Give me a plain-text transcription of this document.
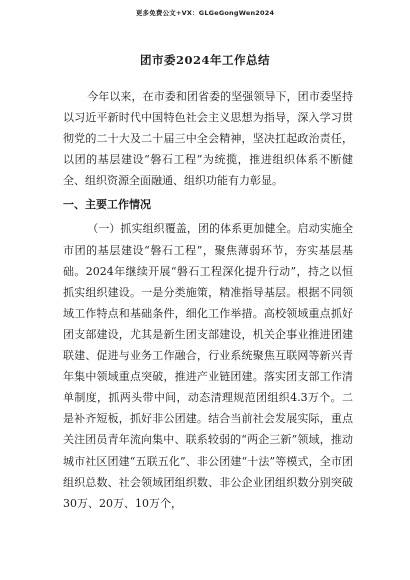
更多免费公文+VX：GLGeGongWen2024
团市委2024年工作总结

今年以来，在市委和团省委的坚强领导下，团市委坚持以习近平新时代中国特色社会主义思想为指导，深入学习贯彻党的二十大及二十届三中全会精神，坚决扛起政治责任，以团的基层建设“磐石工程”为统揽，推进组织体系不断健全、组织资源全面融通、组织功能有力彰显。

一、主要工作情况

（一）抓实组织覆盖，团的体系更加健全。启动实施全市团的基层建设“磐石工程”，聚焦薄弱环节，夯实基层基础。2024年继续开展“磐石工程深化提升行动”，持之以恒抓实组织建设。一是分类施策，精准指导基层。根据不同领域工作特点和基础条件，细化工作举措。高校领域重点抓好团支部建设，尤其是新生团支部建设，机关企事业推进团建联建、促进与业务工作融合，行业系统聚焦互联网等新兴青年集中领域重点突破，推进产业链团建。落实团支部工作清单制度，抓两头带中间，动态清理规范团组织4.3万个。二是补齐短板，抓好非公团建。结合当前社会发展实际，重点关注团员青年流向集中、联系较弱的“两企三新”领域，推动城市社区团建“五联五化”、非公团建“十法”等模式，全市团组织总数、社会领域团组织数、非公企业团组织数分别突破30万、20万、10万个，
